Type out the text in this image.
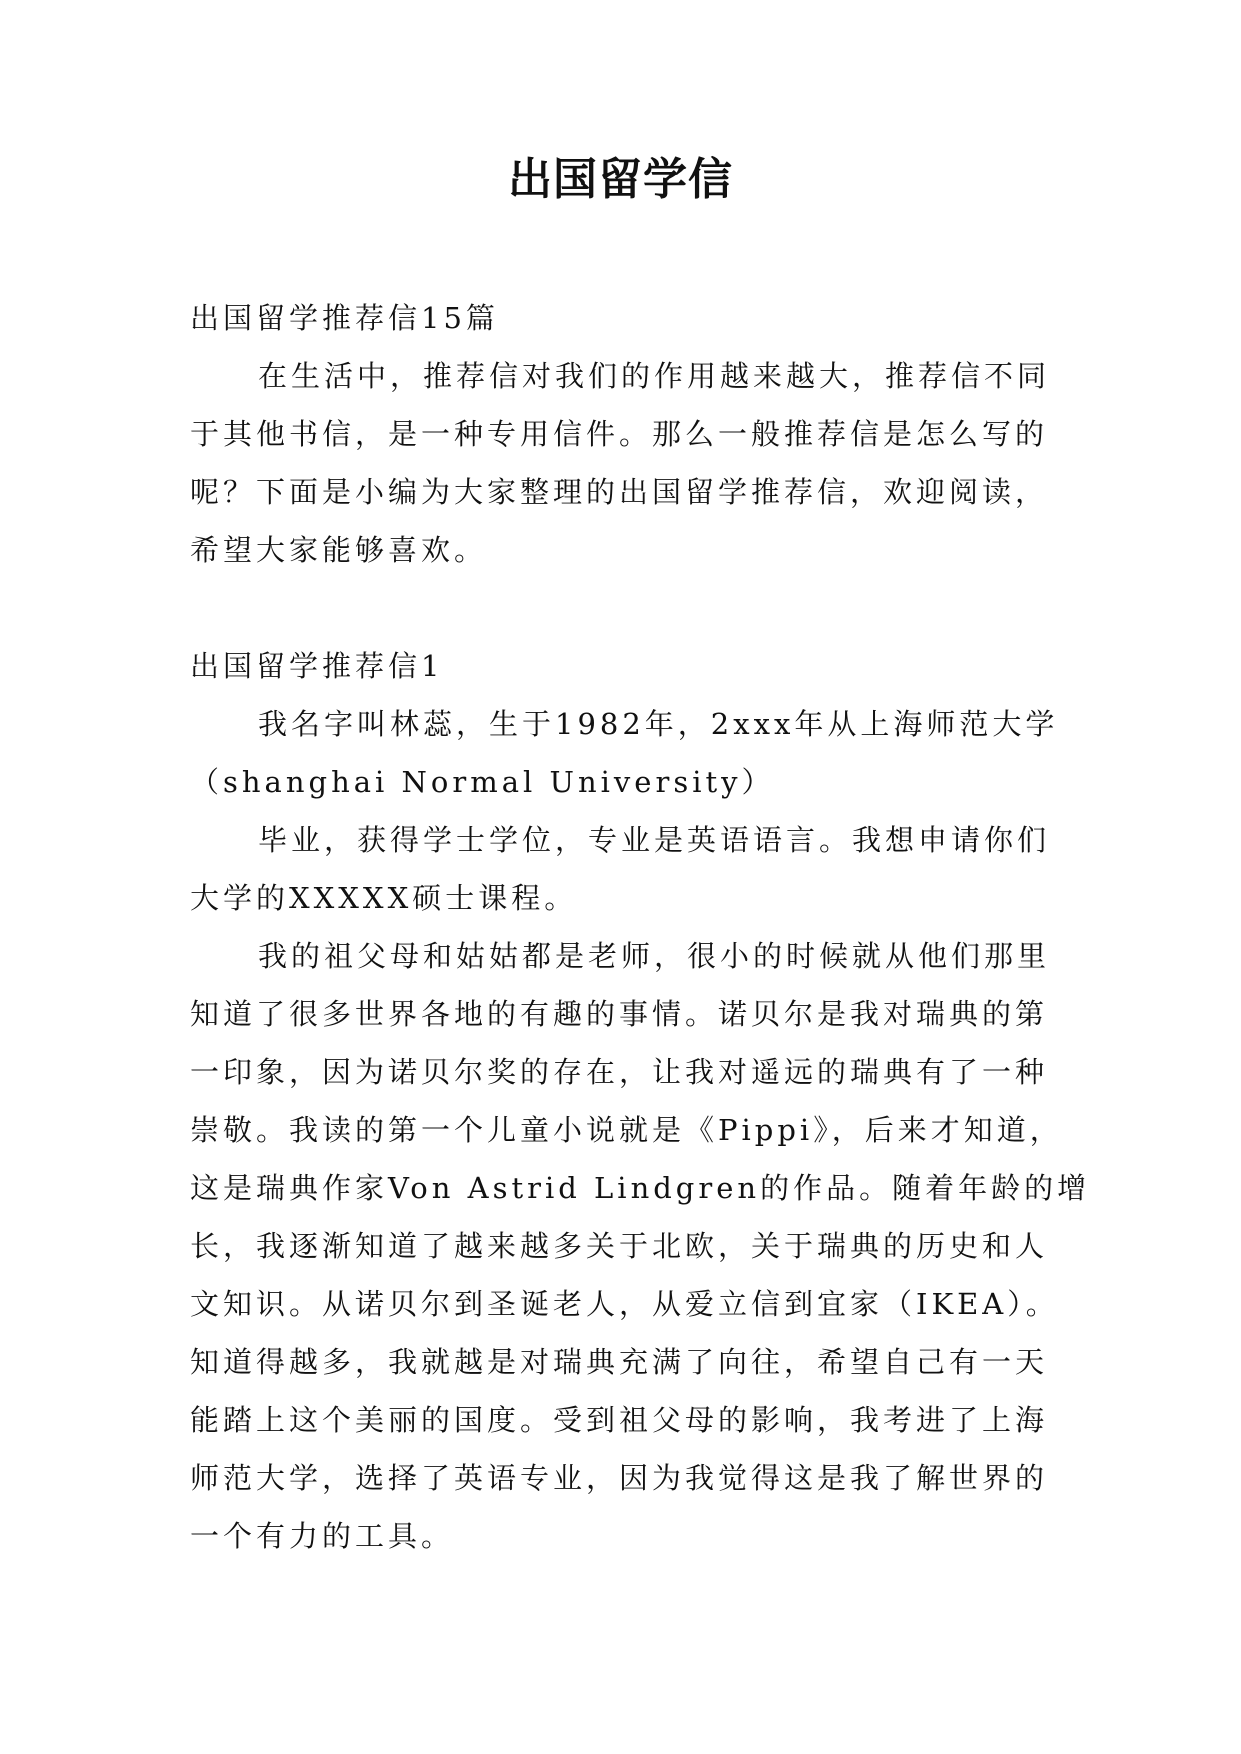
出国留学信
出国留学推荐信15篇
在生活中，推荐信对我们的作用越来越大，推荐信不同
于其他书信，是一种专用信件。那么一般推荐信是怎么写的
呢？下面是小编为大家整理的出国留学推荐信，欢迎阅读，
希望大家能够喜欢。
出国留学推荐信1
我名字叫林蕊，生于1982年，2xxx年从上海师范大学
（shanghai Normal University）
毕业，获得学士学位，专业是英语语言。我想申请你们
大学的XXXXX硕士课程。
我的祖父母和姑姑都是老师，很小的时候就从他们那里
知道了很多世界各地的有趣的事情。诺贝尔是我对瑞典的第
一印象，因为诺贝尔奖的存在，让我对遥远的瑞典有了一种
崇敬。我读的第一个儿童小说就是《Pippi》，后来才知道，
这是瑞典作家Von Astrid Lindgren的作品。随着年龄的增
长，我逐渐知道了越来越多关于北欧，关于瑞典的历史和人
文知识。从诺贝尔到圣诞老人，从爱立信到宜家（IKEA）。
知道得越多，我就越是对瑞典充满了向往，希望自己有一天
能踏上这个美丽的国度。受到祖父母的影响，我考进了上海
师范大学，选择了英语专业，因为我觉得这是我了解世界的
一个有力的工具。
